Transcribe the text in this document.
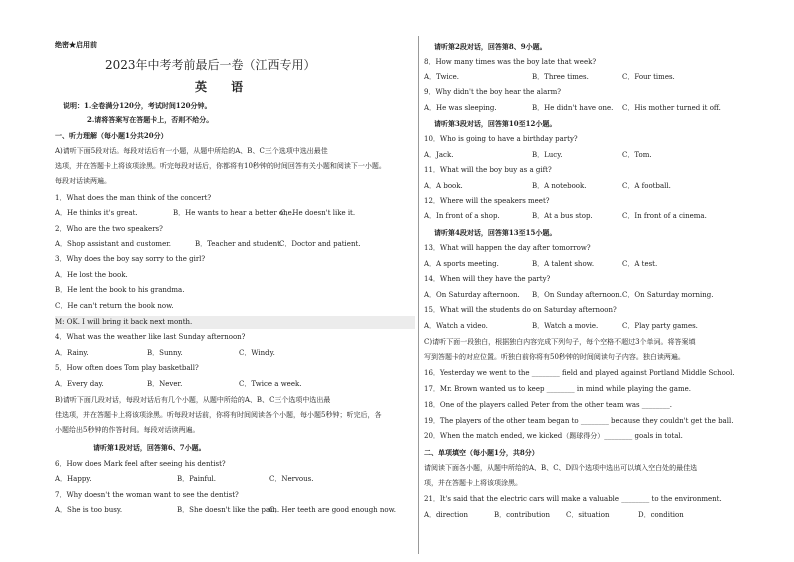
绝密★启用前
2023年中考考前最后一卷（江西专用）
英 语
说明：1.全卷满分120分，考试时间120分钟。
2.请将答案写在答题卡上，否则不给分。
一、听力理解（每小题1分共20分）
A)请听下面5段对话。每段对话后有一小题，从题中所给的A、B、C三个选项中选出最佳
选项，并在答题卡上将该项涂黑。听完每段对话后，你都将有10秒钟的时间回答有关小题和阅读下一小题。
每段对话读两遍。
1．What does the man think of the concert?
A．He thinks it's great.	B．He wants to hear a better one.C．He doesn't like it.
2．Who are the two speakers?
A．Shop assistant and customer.	B．Teacher and student.C．Doctor and patient.
3．Why does the boy say sorry to the girl?
A．He lost the book.
B．He lent the book to his grandma.
C．He can't return the book now.
M: OK. I will bring it back next month.
4．What was the weather like last Sunday afternoon?
A．Rainy.	B．Sunny.	C．Windy.
5．How often does Tom play basketball?
A．Every day.	B．Never.	C．Twice a week.
B)请听下面几段对话，每段对话后有几个小题，从题中所给的A、B、C三个选项中选出最
佳选项，并在答题卡上将该项涂黑。听每段对话前，你将有时间阅读各个小题，每小题5秒钟；听完后，各
小题给出5秒钟的作答时间。每段对话读两遍。
请听第1段对话，回答第6、7小题。
6．How does Mark feel after seeing his dentist?
A．Happy.	B．Painful.	C．Nervous.
7．Why doesn't the woman want to see the dentist?
A．She is too busy.	B．She doesn't like the pain.C．Her teeth are good enough now.
请听第2段对话，回答第8、9小题。
8．How many times was the boy late that week?
A．Twice.	B．Three times.	C．Four times.
9．Why didn't the boy hear the alarm?
A．He was sleeping.	B．He didn't have one. C．His mother turned it off.
请听第3段对话，回答第10至12小题。
10．Who is going to have a birthday party?
A．Jack.	B．Lucy.	C．Tom.
11．What will the boy buy as a gift?
A．A book.	B．A notebook.	C．A football.
12．Where will the speakers meet?
A．In front of a shop.	B．At a bus stop.	C．In front of a cinema.
请听第4段对话，回答第13至15小题。
13．What will happen the day after tomorrow?
A．A sports meeting.	B．A talent show.	C．A test.
14．When will they have the party?
A．On Saturday afternoon. B．On Sunday afternoon.C．On Saturday morning.
15．What will the students do on Saturday afternoon?
A．Watch a video.	B．Watch a movie.	C．Play party games.
C)请听下面一段独白，根据独白内容完成下列句子，每个空格不超过3个单词。将答案填
写到答题卡的对应位置。听独白前你将有50秒钟的时间阅读句子内容。独白读两遍。
16．Yesterday we went to the ________ field and played against Portland Middle School.
17．Mr. Brown wanted us to keep ________ in mind while playing the game.
18．One of the players called Peter from the other team was ________.
19．The players of the other team began to ________ because they couldn't get the ball.
20．When the match ended, we kicked（踢球得分）________ goals in total.
二、单项填空（每小题1分，共8分）
请阅读下面各小题，从题中所给的A、B、C、D四个选项中选出可以填入空白处的最佳选
项，并在答题卡上将该项涂黑。
21．It's said that the electric cars will make a valuable ________ to the environment.
A．direction	B．contribution C．situation	D．condition
